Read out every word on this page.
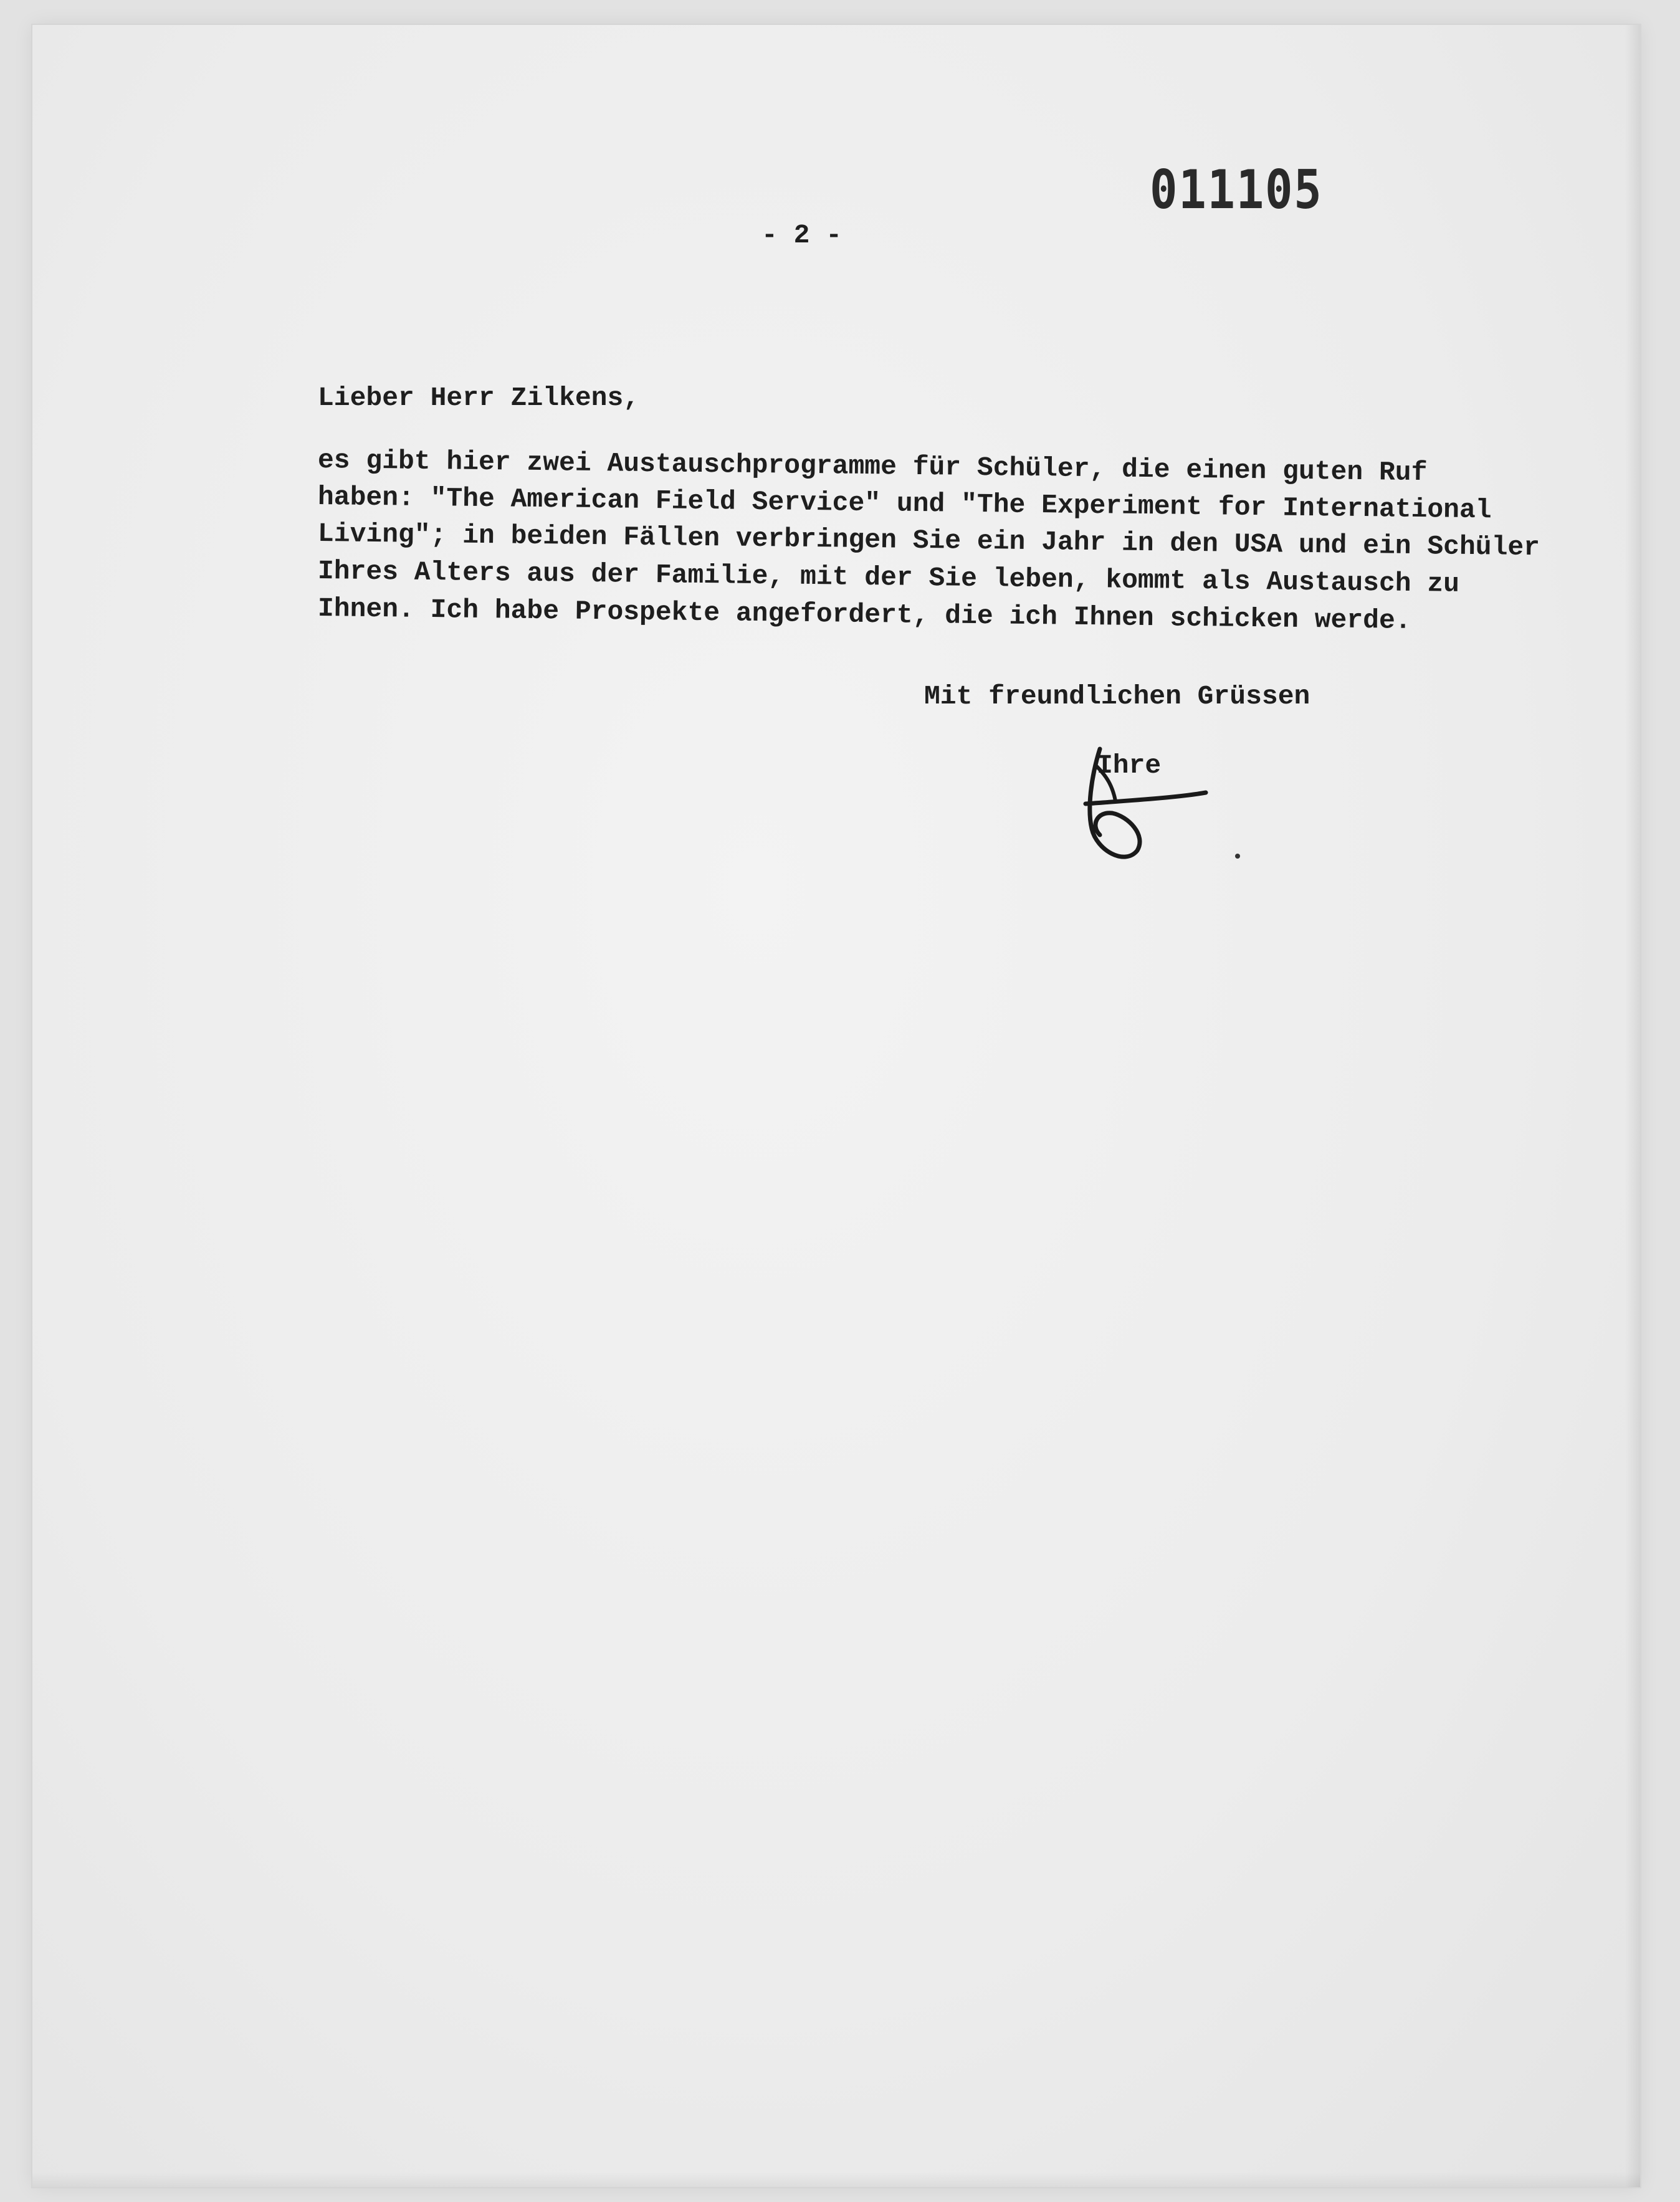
011105
- 2 -
Lieber Herr Zilkens,
es gibt hier zwei Austauschprogramme für Schüler, die einen guten Ruf
haben: "The American Field Service" und "The Experiment for International
Living"; in beiden Fällen verbringen Sie ein Jahr in den USA und ein Schüler
Ihres Alters aus der Familie, mit der Sie leben, kommt als Austausch zu
Ihnen. Ich habe Prospekte angefordert, die ich Ihnen schicken werde.
Mit freundlichen Grüssen
Ihre
